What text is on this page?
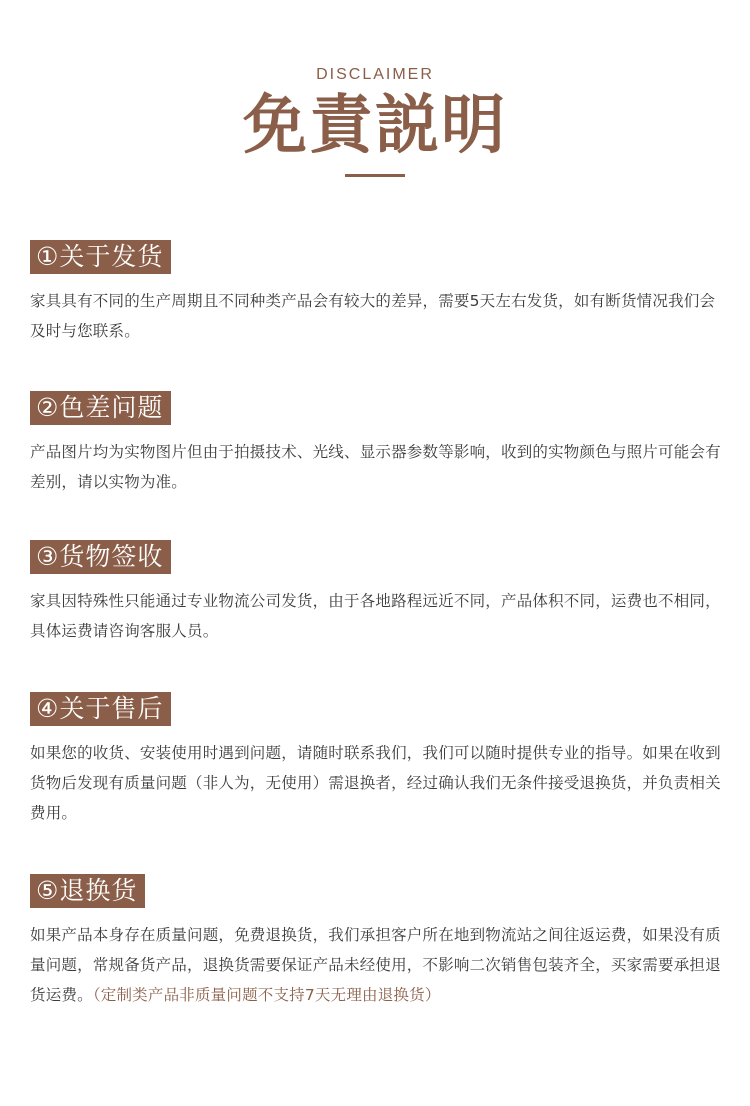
DISCLAIMER
免責説明
①关于发货
家具具有不同的生产周期且不同种类产品会有较大的差异，需要5天左右发货，如有断货情况我们会及时与您联系。
②色差问题
产品图片均为实物图片但由于拍摄技术、光线、显示器参数等影响，收到的实物颜色与照片可能会有差别，请以实物为准。
③货物签收
家具因特殊性只能通过专业物流公司发货，由于各地路程远近不同，产品体积不同，运费也不相同，具体运费请咨询客服人员。
④关于售后
如果您的收货、安装使用时遇到问题，请随时联系我们，我们可以随时提供专业的指导。如果在收到货物后发现有质量问题（非人为，无使用）需退换者，经过确认我们无条件接受退换货，并负责相关费用。
⑤退换货
如果产品本身存在质量问题，免费退换货，我们承担客户所在地到物流站之间往返运费，如果没有质量问题，常规备货产品，退换货需要保证产品未经使用，不影响二次销售包装齐全，买家需要承担退货运费。（定制类产品非质量问题不支持7天无理由退换货）
